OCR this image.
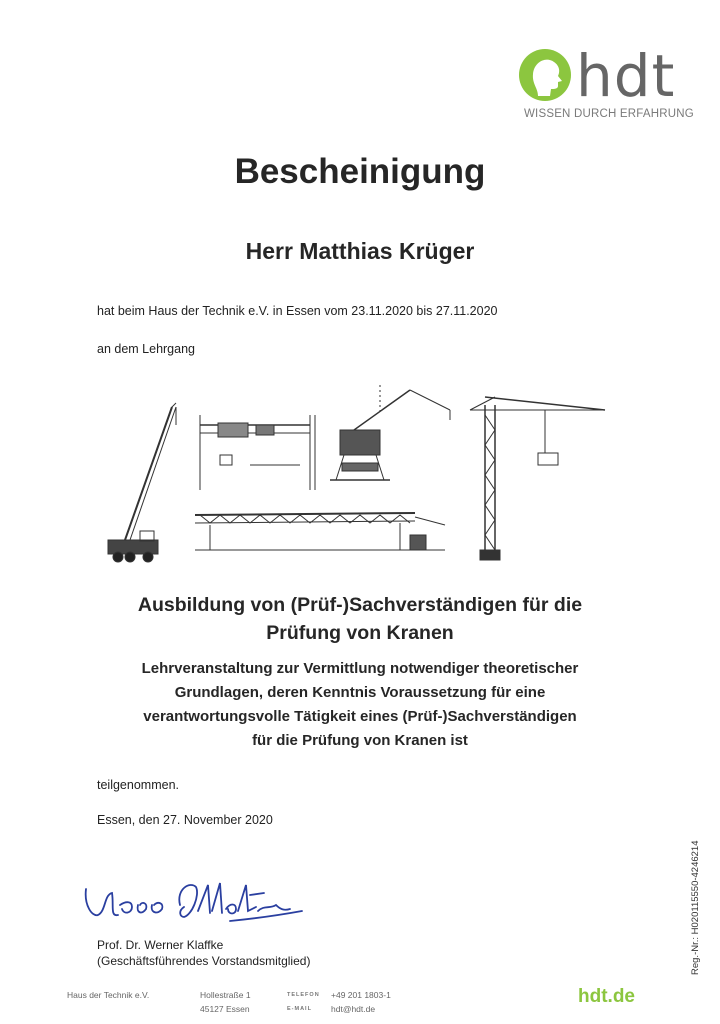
hdt
WISSEN DURCH ERFAHRUNG
Bescheinigung
Herr Matthias Krüger
hat beim Haus der Technik e.V. in Essen vom 23.11.2020 bis 27.11.2020
an dem Lehrgang
Ausbildung von (Prüf-)Sachverständigen für die
Prüfung von Kranen
Lehrveranstaltung zur Vermittlung notwendiger theoretischer
Grundlagen, deren Kenntnis Voraussetzung für eine
verantwortungsvolle Tätigkeit eines (Prüf-)Sachverständigen
für die Prüfung von Kranen ist
teilgenommen.
Essen, den 27. November 2020
Prof. Dr. Werner Klaffke
(Geschäftsführendes Vorstandsmitglied)	Reg.-Nr.: H020115550-4246214
Haus der Technik e.V.	Hollestraße 1
45127 Essen
TELEFON
E-MAIL
+49 201 1803-1
hdt@hdt.de
hdt.de
